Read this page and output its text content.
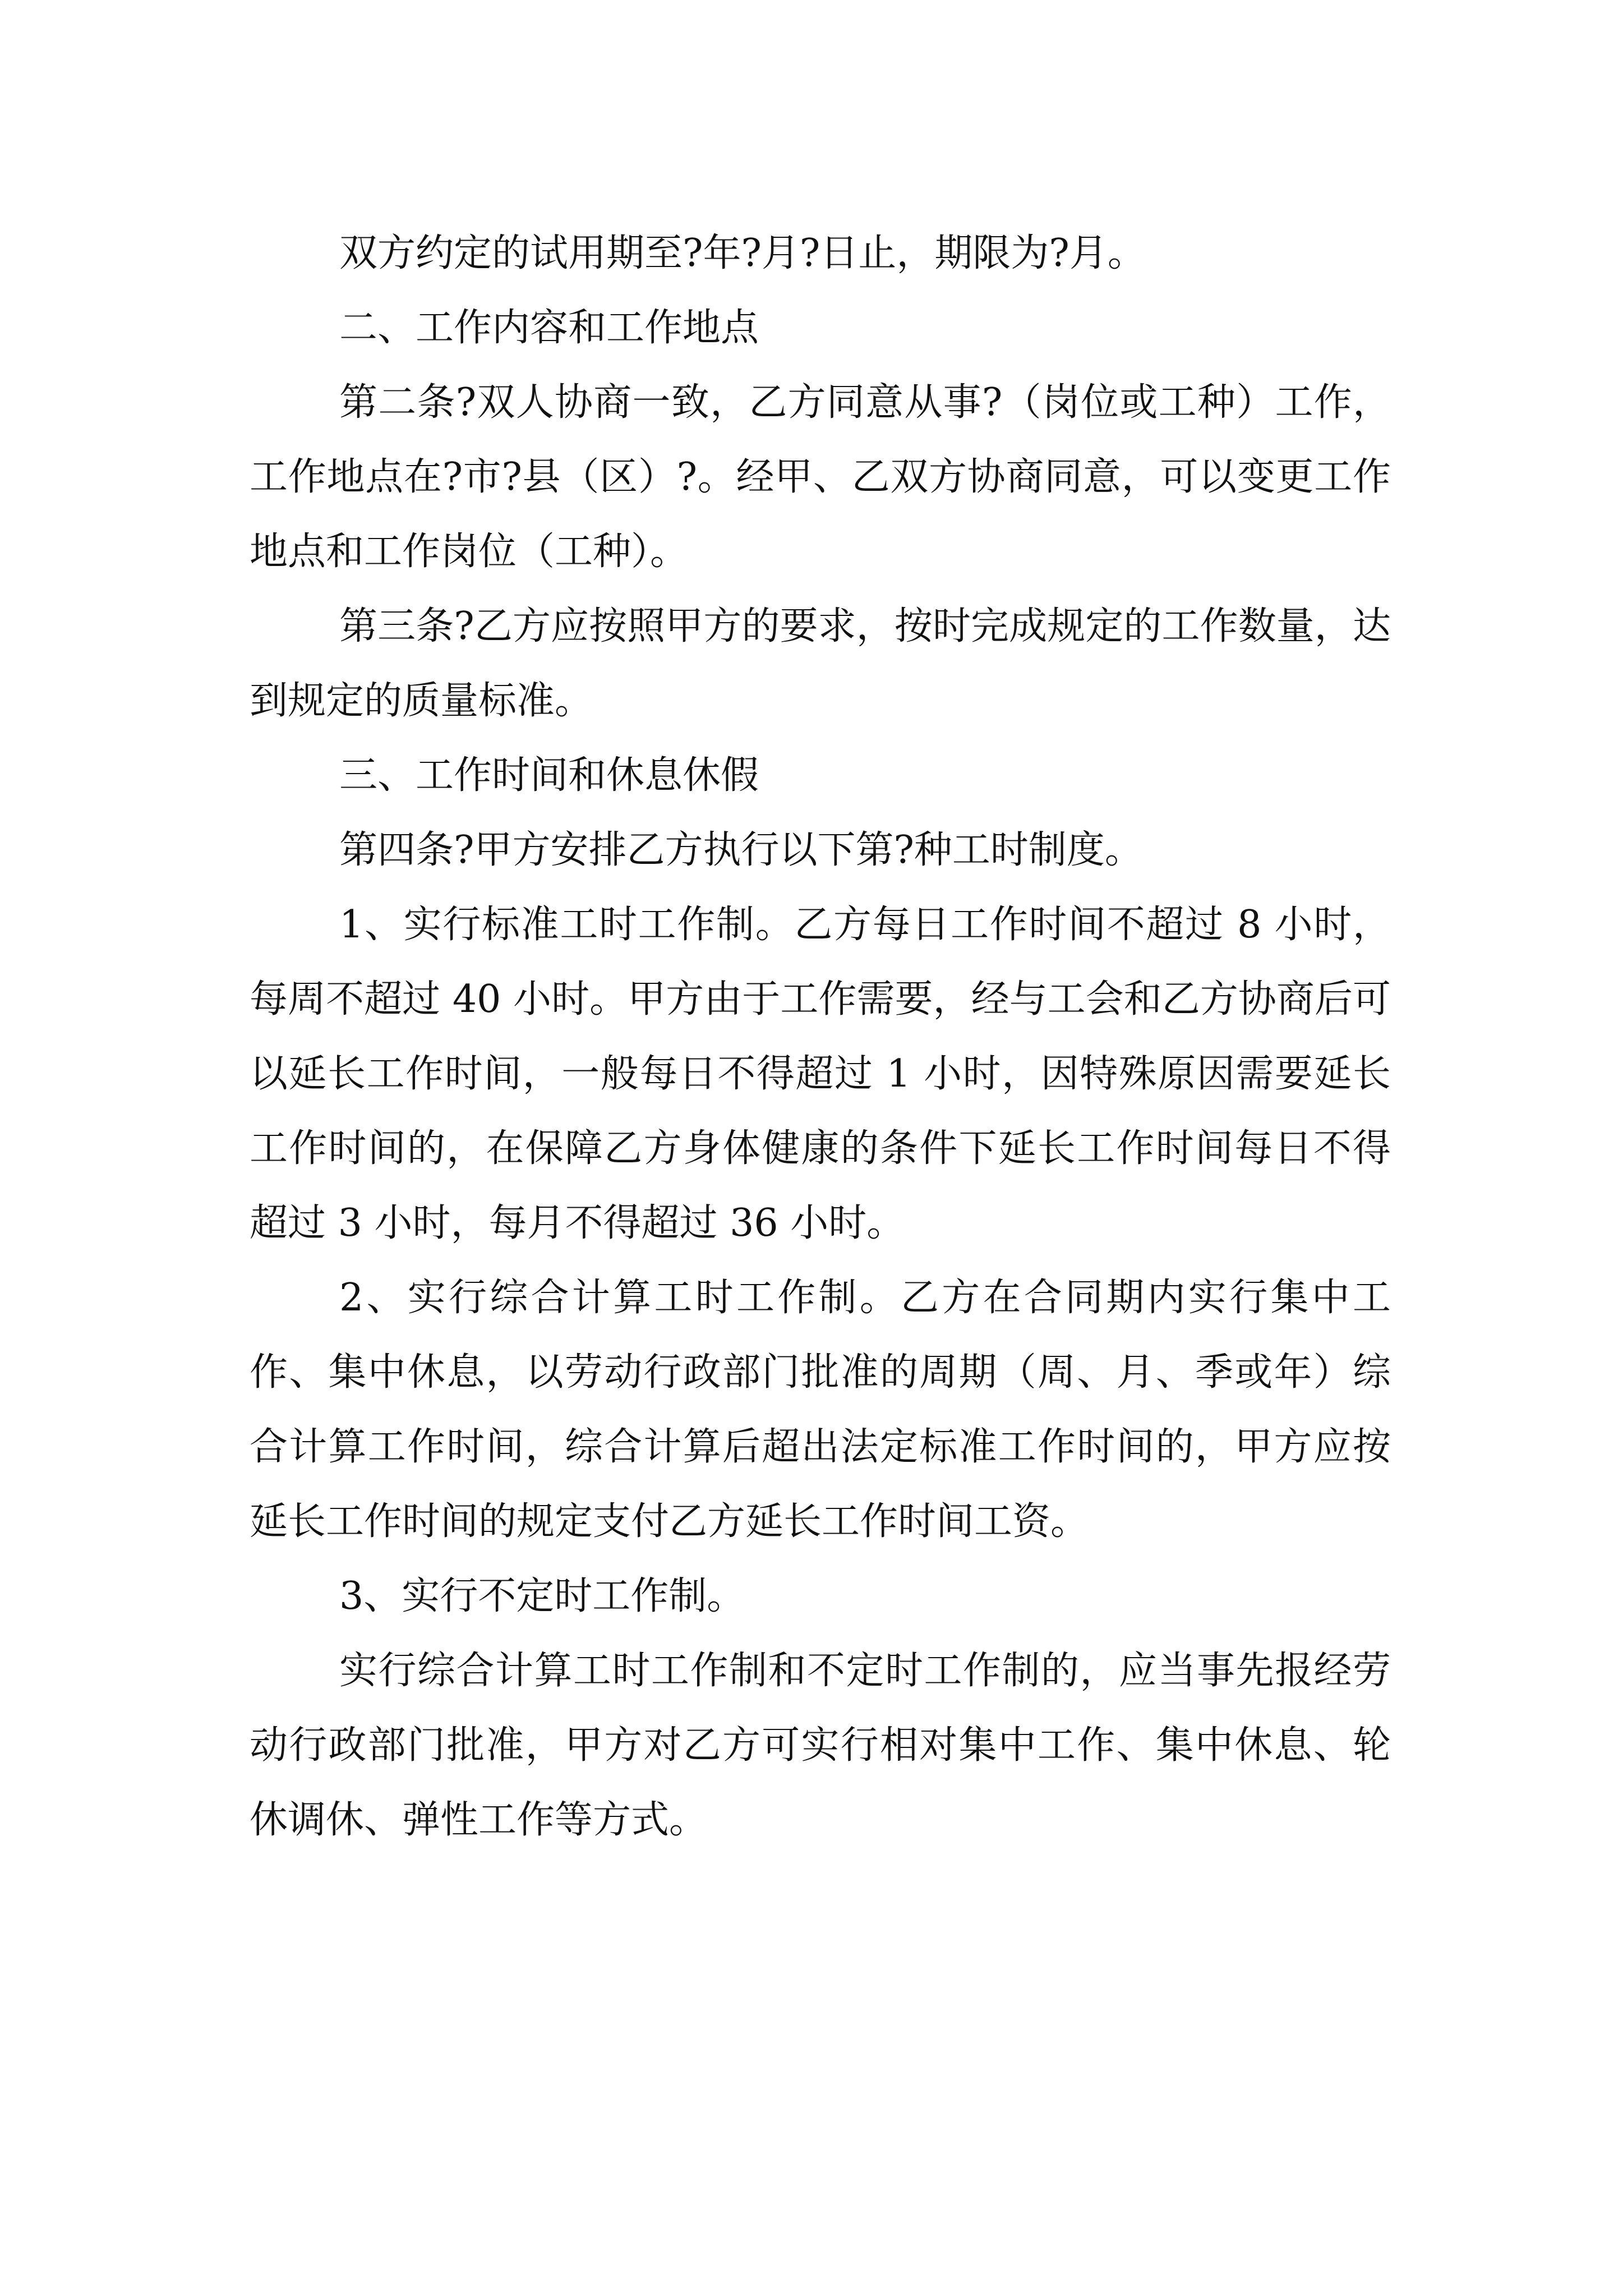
双方约定的试用期至?年?月?日止，期限为?月。

二、工作内容和工作地点

第二条?双人协商一致，乙方同意从事?（岗位或工种）工作，工作地点在?市?县（区）?。经甲、乙双方协商同意，可以变更工作地点和工作岗位（工种）。

第三条?乙方应按照甲方的要求，按时完成规定的工作数量，达到规定的质量标准。

三、工作时间和休息休假

第四条?甲方安排乙方执行以下第?种工时制度。

1、实行标准工时工作制。乙方每日工作时间不超过 8 小时，每周不超过 40 小时。甲方由于工作需要，经与工会和乙方协商后可以延长工作时间，一般每日不得超过 1 小时，因特殊原因需要延长工作时间的，在保障乙方身体健康的条件下延长工作时间每日不得超过 3 小时，每月不得超过 36 小时。

2、实行综合计算工时工作制。乙方在合同期内实行集中工作、集中休息，以劳动行政部门批准的周期（周、月、季或年）综合计算工作时间，综合计算后超出法定标准工作时间的，甲方应按延长工作时间的规定支付乙方延长工作时间工资。

3、实行不定时工作制。

实行综合计算工时工作制和不定时工作制的，应当事先报经劳动行政部门批准，甲方对乙方可实行相对集中工作、集中休息、轮休调休、弹性工作等方式。
